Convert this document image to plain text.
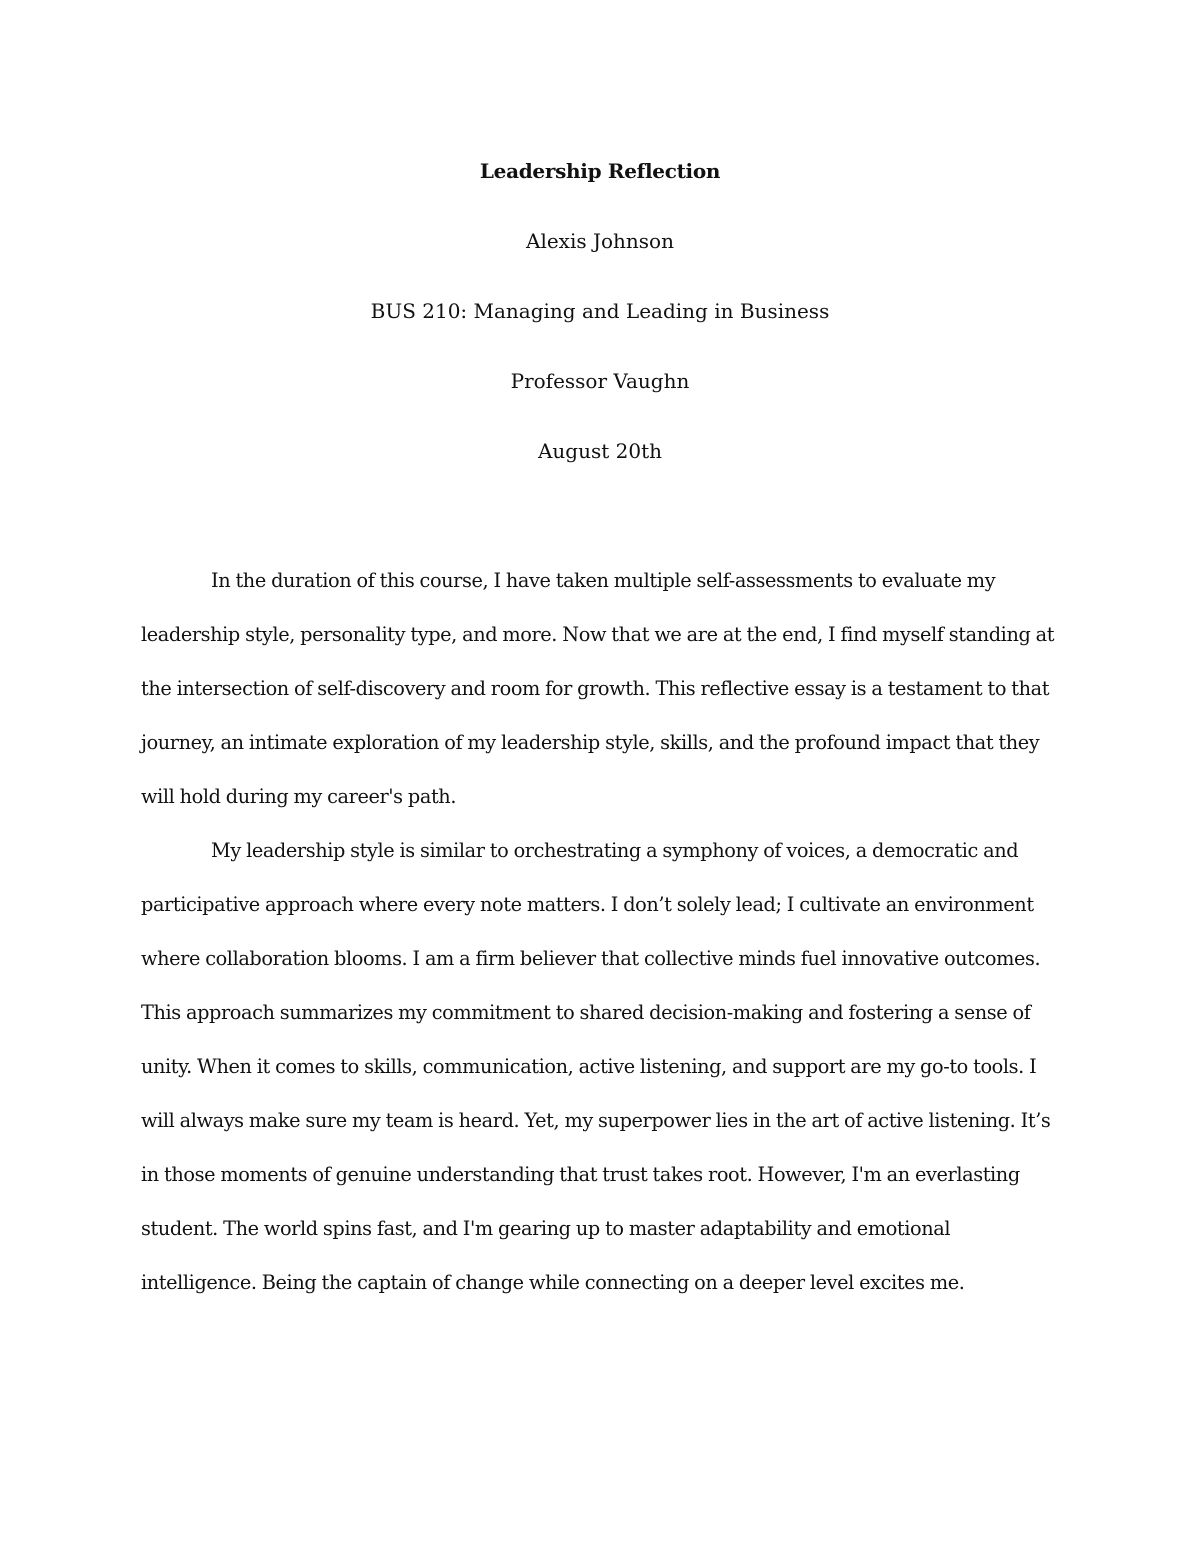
Leadership Reflection
Alexis Johnson
BUS 210: Managing and Leading in Business
Professor Vaughn
August 20th

In the duration of this course, I have taken multiple self-assessments to evaluate my leadership style, personality type, and more. Now that we are at the end, I find myself standing at the intersection of self-discovery and room for growth. This reflective essay is a testament to that journey, an intimate exploration of my leadership style, skills, and the profound impact that they will hold during my career's path.

My leadership style is similar to orchestrating a symphony of voices, a democratic and participative approach where every note matters. I don’t solely lead; I cultivate an environment where collaboration blooms. I am a firm believer that collective minds fuel innovative outcomes. This approach summarizes my commitment to shared decision-making and fostering a sense of unity. When it comes to skills, communication, active listening, and support are my go-to tools. I will always make sure my team is heard. Yet, my superpower lies in the art of active listening. It’s in those moments of genuine understanding that trust takes root. However, I'm an everlasting student. The world spins fast, and I'm gearing up to master adaptability and emotional intelligence. Being the captain of change while connecting on a deeper level excites me.
